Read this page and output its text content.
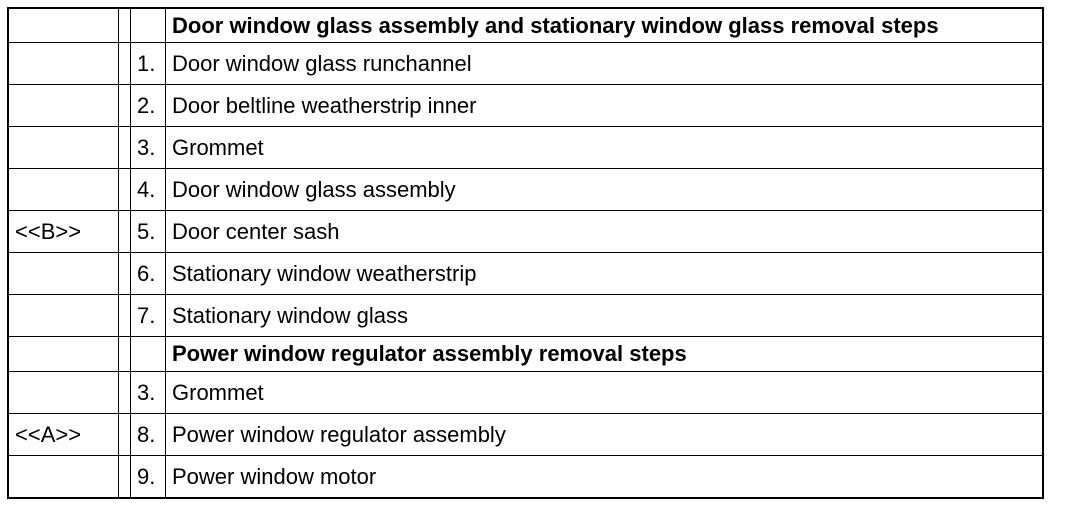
			Door window glass assembly and stationary window glass removal steps
		1.	Door window glass runchannel
		2.	Door beltline weatherstrip inner
		3.	Grommet
		4.	Door window glass assembly
<<B>>		5.	Door center sash
		6.	Stationary window weatherstrip
		7.	Stationary window glass
			Power window regulator assembly removal steps
		3.	Grommet
<<A>>		8.	Power window regulator assembly
		9.	Power window motor
